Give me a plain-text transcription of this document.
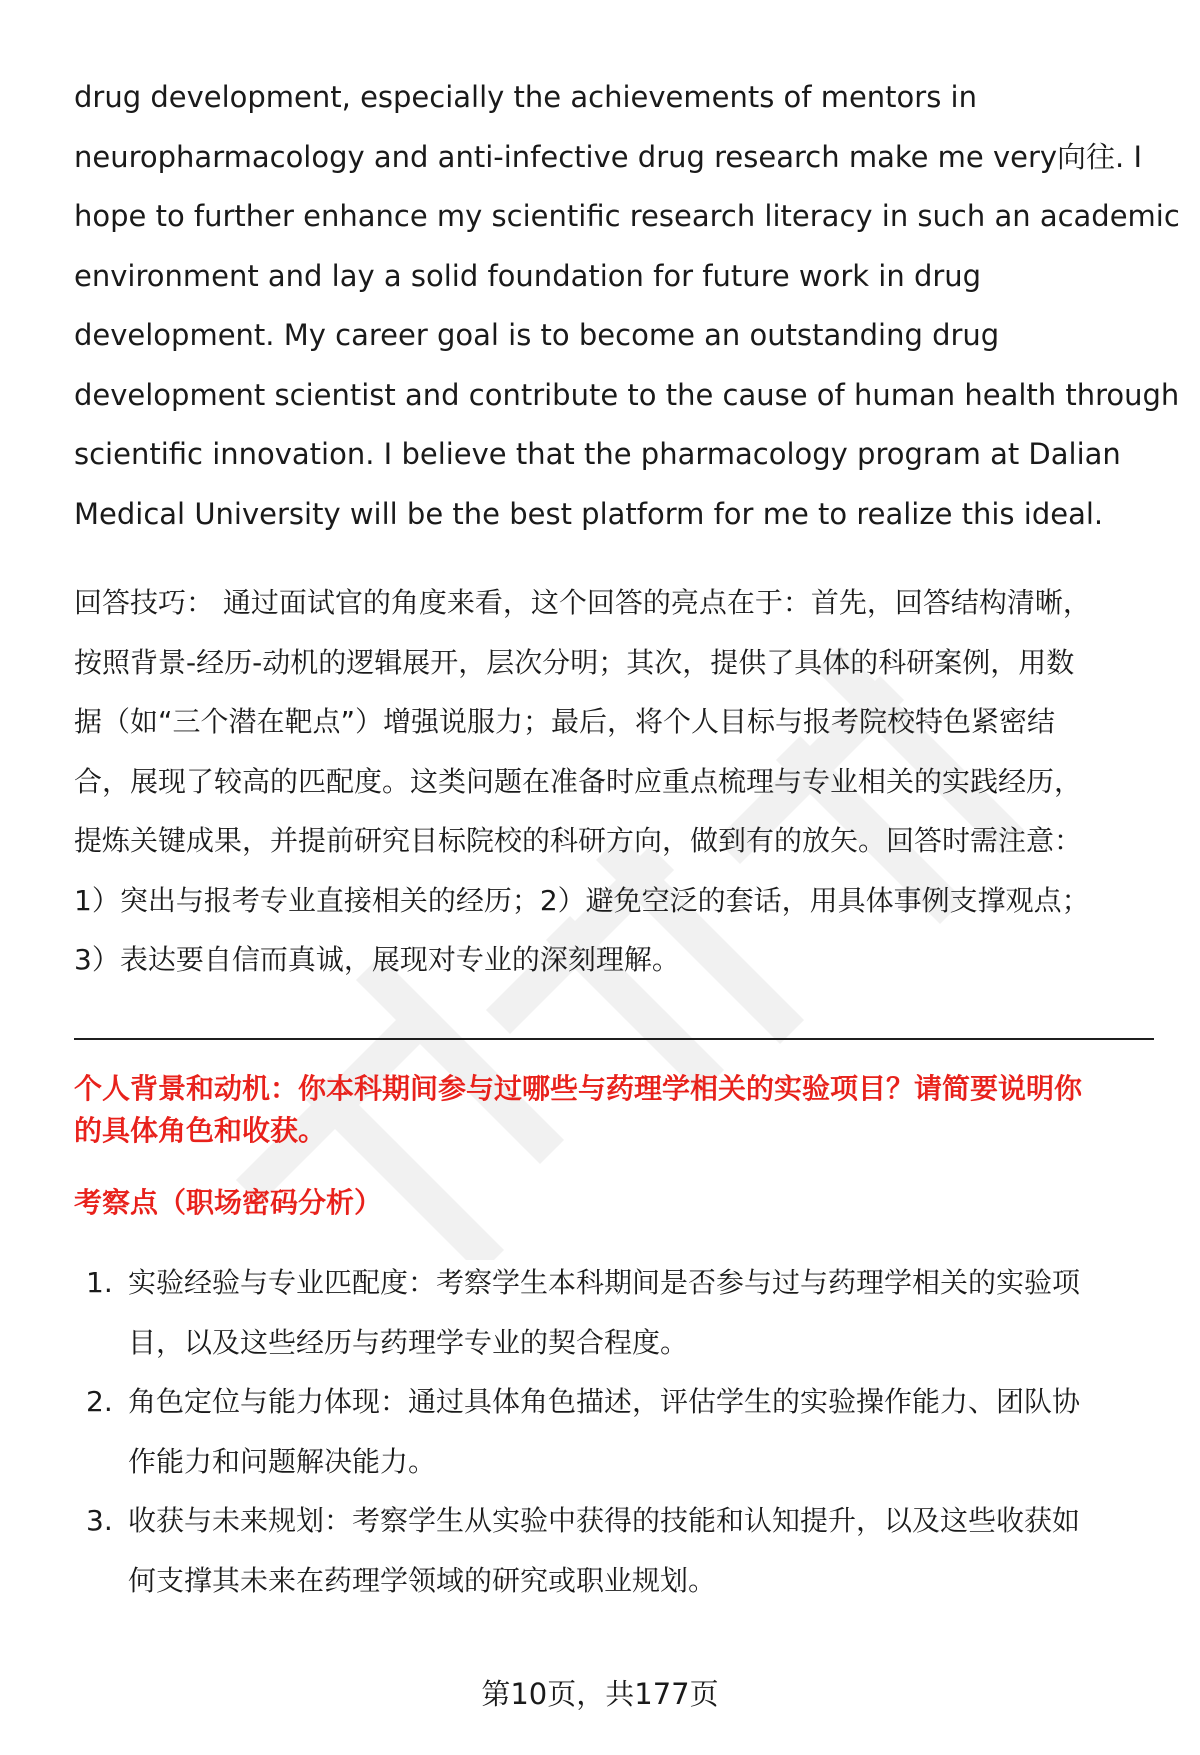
drug development, especially the achievements of mentors in
neuropharmacology and anti-infective drug research make me very向往. I
hope to further enhance my scientific research literacy in such an academic
environment and lay a solid foundation for future work in drug
development. My career goal is to become an outstanding drug
development scientist and contribute to the cause of human health through
scientific innovation. I believe that the pharmacology program at Dalian
Medical University will be the best platform for me to realize this ideal.

回答技巧： 通过面试官的角度来看，这个回答的亮点在于：首先，回答结构清晰，
按照背景-经历-动机的逻辑展开，层次分明；其次，提供了具体的科研案例，用数
据（如“三个潜在靶点”）增强说服力；最后，将个人目标与报考院校特色紧密结
合，展现了较高的匹配度。这类问题在准备时应重点梳理与专业相关的实践经历，
提炼关键成果，并提前研究目标院校的科研方向，做到有的放矢。回答时需注意：
1）突出与报考专业直接相关的经历；2）避免空泛的套话，用具体事例支撑观点；
3）表达要自信而真诚，展现对专业的深刻理解。

个人背景和动机：你本科期间参与过哪些与药理学相关的实验项目？请简要说明你
的具体角色和收获。

考察点（职场密码分析）

1. 实验经验与专业匹配度：考察学生本科期间是否参与过与药理学相关的实验项
目，以及这些经历与药理学专业的契合程度。
2. 角色定位与能力体现：通过具体角色描述，评估学生的实验操作能力、团队协
作能力和问题解决能力。
3. 收获与未来规划：考察学生从实验中获得的技能和认知提升，以及这些收获如
何支撑其未来在药理学领域的研究或职业规划。

第10页，共177页
